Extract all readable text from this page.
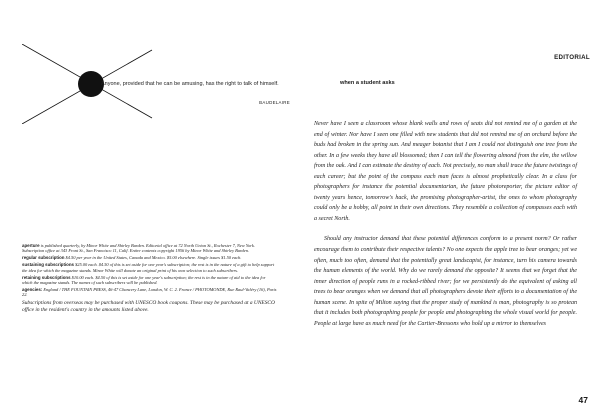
Anyone, provided that he can be amusing, has the right to talk of himself.
BAUDELAIRE

aperture is published quarterly, by Minor White and Shirley Barden. Editorial office at 72 North Union St., Rochester 7, New York. Subscription office at 343 Front St., San Francisco 11, Calif. Entire contents copyright 1956 by Minor White and Shirley Barden.

regular subscription $4.50 per year in the United States, Canada and Mexico. $5.00 elsewhere. Single issues $1.50 each.

sustaining subscriptions $25.00 each. $4.50 of this is set aside for one year's subscription; the rest is in the nature of a gift to help support the idea for which the magazine stands. Minor White will donate an original print of his own selection to such subscribers.

retaining subscriptions $10.00 each. $4.50 of this is set aside for one year's subscription; the rest is in the nature of aid to the idea for which the magazine stands. The names of such subscribers will be published.

agencies: England / THE FOUNTAIN PRESS, 46-47 Chancery Lane, London, W. C. 2. France / PHOTOMONDE, Rue Raul-Valéry (16), Paris 22.

Subscriptions from overseas may be purchased with UNESCO book coupons. These may be purchased at a UNESCO office in the resident's country in the amounts listed above.

EDITORIAL
when a student asks

Never have I seen a classroom whose blank walls and rows of seats did not remind me of a garden at the end of winter. Nor have I seen one filled with new students that did not remind me of an orchard before the buds had broken in the spring sun. And meager botanist that I am I could not distinguish one tree from the other. In a few weeks they have all blossomed; then I can tell the flowering almond from the elm, the willow from the oak. And I can estimate the destiny of each. Not precisely, no man shall trace the future twistings of each career; but the point of the compass each man faces is almost prophetically clear. In a class for photographers for instance the potential documentarian, the future photoreporter, the picture editor of twenty years hence, tomorrow's hack, the promising photographer-artist, the ones to whom photography could only be a hobby, all point in their own directions. They resemble a collection of compasses each with a secret North.

Should any instructor demand that these potential differences conform to a present norm? Or rather encourage them to contribute their respective talents? No one expects the apple tree to bear oranges; yet we often, much too often, demand that the potentially great landscapist, for instance, turn his camera towards the human elements of the world. Why do we rarely demand the opposite? It seems that we forget that the inner direction of people runs in a rocked-ribbed river; for we persistently do the equivalent of asking all trees to bear oranges when we demand that all photographers devote their efforts to a documentation of the human scene. In spite of Milton saying that the proper study of mankind is man, photography is so protean that it includes both photographing people for people and photographing the whole visual world for people. People at large have as much need for the Cartier-Bressons who hold up a mirror to themselves

47
